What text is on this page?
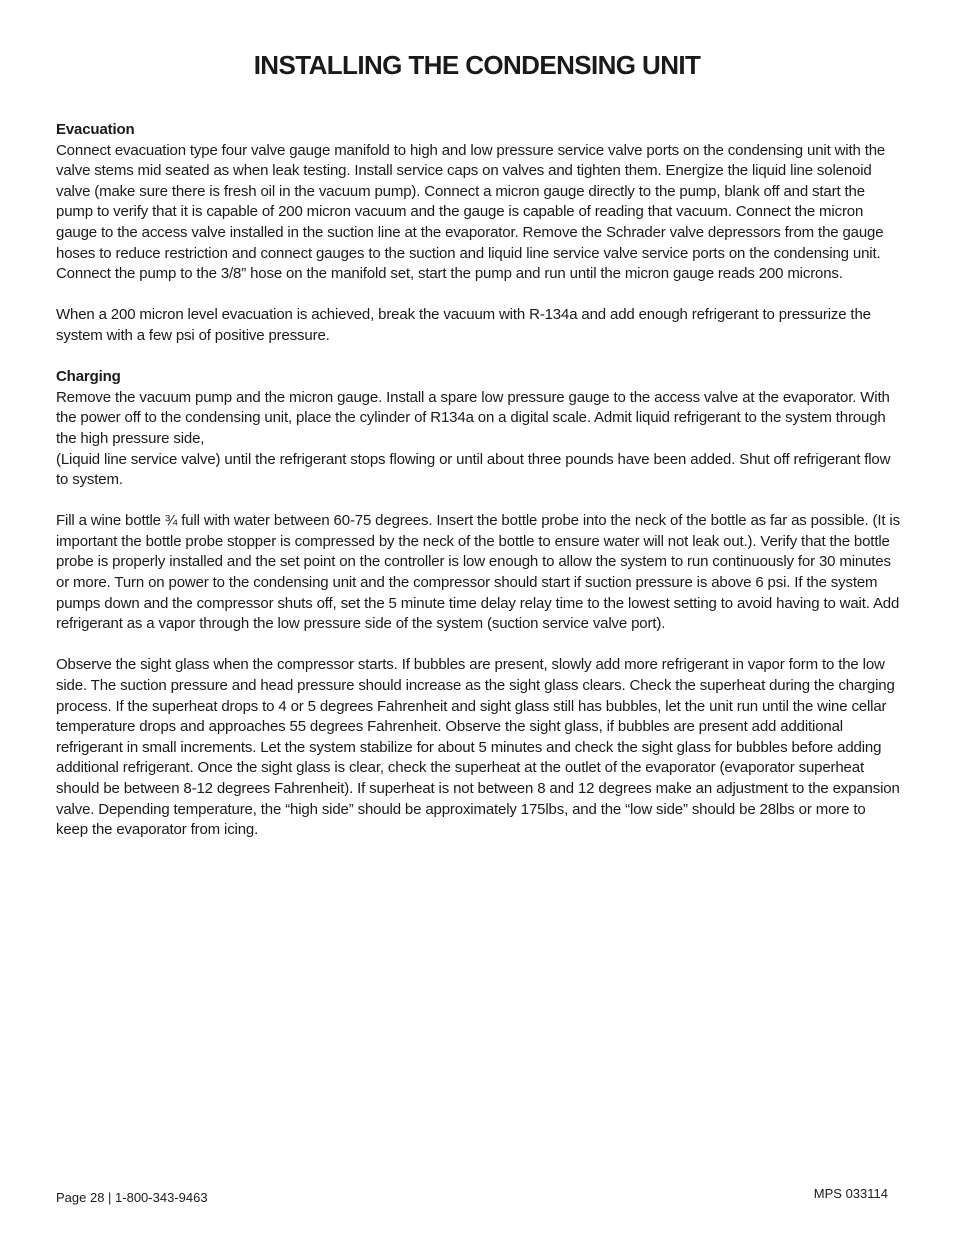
INSTALLING THE CONDENSING UNIT

Evacuation

Connect evacuation type four valve gauge manifold to high and low pressure service valve ports on the condensing unit with the valve stems mid seated as when leak testing. Install service caps on valves and tighten them. Energize the liquid line solenoid valve (make sure there is fresh oil in the vacuum pump). Connect a micron gauge directly to the pump, blank off and start the pump to verify that it is capable of 200 micron vacuum and the gauge is capable of reading that vacuum. Connect the micron gauge to the access valve installed in the suction line at the evaporator. Remove the Schrader valve depressors from the gauge hoses to reduce restriction and connect gauges to the suction and liquid line service valve service ports on the condensing unit. Connect the pump to the 3/8” hose on the manifold set, start the pump and run until the micron gauge reads 200 microns.

When a 200 micron level evacuation is achieved, break the vacuum with R-134a and add enough refrigerant to pressurize the system with a few psi of positive pressure.

Charging

Remove the vacuum pump and the micron gauge. Install a spare low pressure gauge to the access valve at the evaporator. With the power off to the condensing unit, place the cylinder of R134a on a digital scale. Admit liquid refrigerant to the system through the high pressure side,

(Liquid line service valve) until the refrigerant stops flowing or until about three pounds have been added. Shut off refrigerant flow to system.

Fill a wine bottle ¾ full with water between 60-75 degrees. Insert the bottle probe into the neck of the bottle as far as possible. (It is important the bottle probe stopper is compressed by the neck of the bottle to ensure water will not leak out.). Verify that the bottle probe is properly installed and the set point on the controller is low enough to allow the system to run continuously for 30 minutes or more. Turn on power to the condensing unit and the compressor should start if suction pressure is above 6 psi. If the system pumps down and the compressor shuts off, set the 5 minute time delay relay time to the lowest setting to avoid having to wait. Add refrigerant as a vapor through the low pressure side of the system (suction service valve port).

Observe the sight glass when the compressor starts. If bubbles are present, slowly add more refrigerant in vapor form to the low side. The suction pressure and head pressure should increase as the sight glass clears. Check the superheat during the charging process. If the superheat drops to 4 or 5 degrees Fahrenheit and sight glass still has bubbles, let the unit run until the wine cellar temperature drops and approaches 55 degrees Fahrenheit. Observe the sight glass, if bubbles are present add additional refrigerant in small increments. Let the system stabilize for about 5 minutes and check the sight glass for bubbles before adding additional refrigerant. Once the sight glass is clear, check the superheat at the outlet of the evaporator (evaporator superheat should be between 8-12 degrees Fahrenheit). If superheat is not between 8 and 12 degrees make an adjustment to the expansion valve. Depending temperature, the “high side” should be approximately 175lbs, and the “low side” should be 28lbs or more to keep the evaporator from icing.

Page 28 | 1-800-343-9463	MPS 033114
